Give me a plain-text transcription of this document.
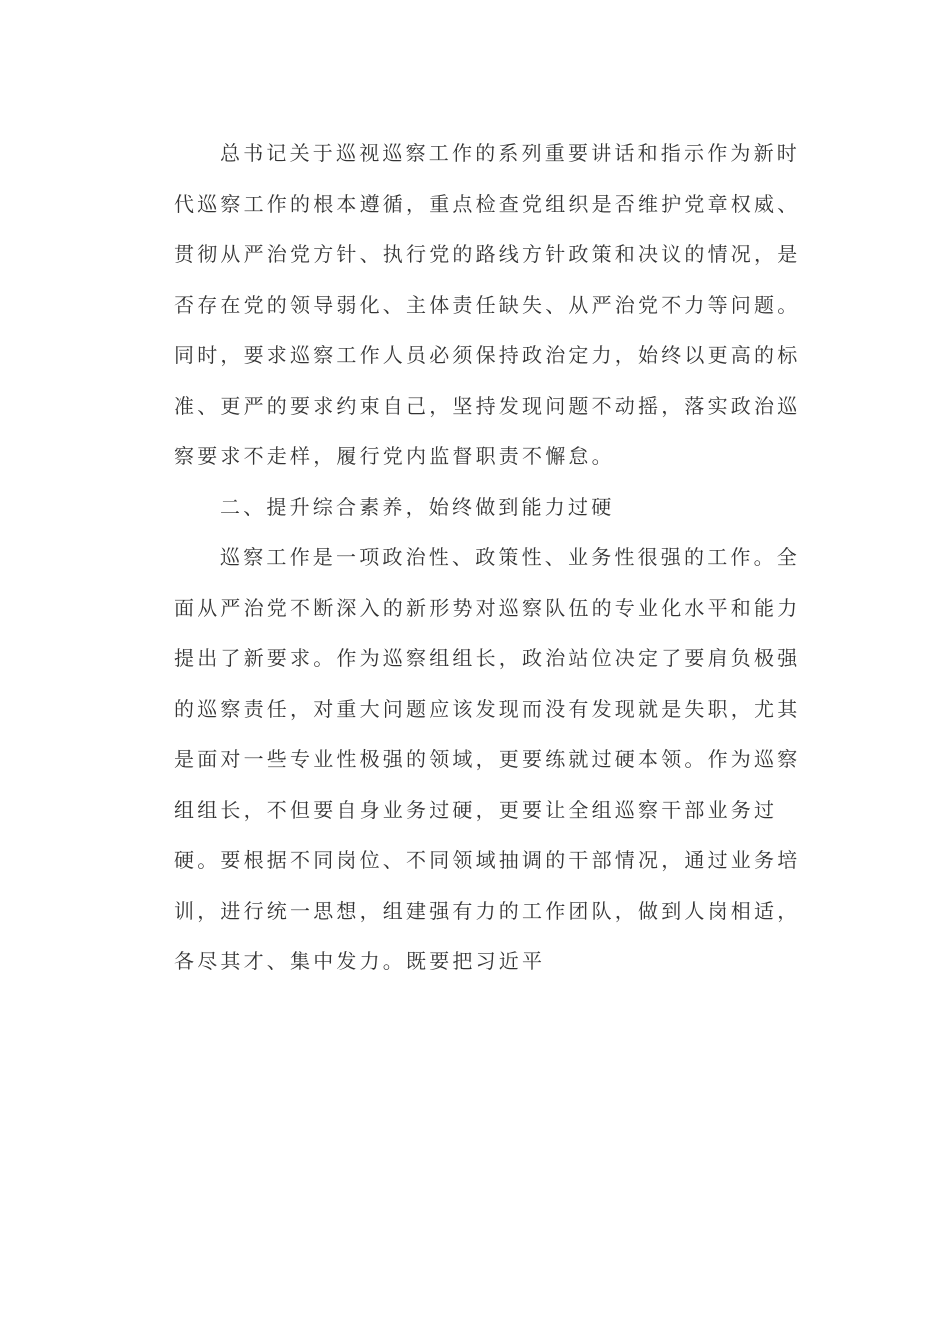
总书记关于巡视巡察工作的系列重要讲话和指示作为新时
代巡察工作的根本遵循，重点检查党组织是否维护党章权威、
贯彻从严治党方针、执行党的路线方针政策和决议的情况，是
否存在党的领导弱化、主体责任缺失、从严治党不力等问题。
同时，要求巡察工作人员必须保持政治定力，始终以更高的标
准、更严的要求约束自己，坚持发现问题不动摇，落实政治巡
察要求不走样，履行党内监督职责不懈怠。
二、提升综合素养，始终做到能力过硬
巡察工作是一项政治性、政策性、业务性很强的工作。全
面从严治党不断深入的新形势对巡察队伍的专业化水平和能力
提出了新要求。作为巡察组组长，政治站位决定了要肩负极强
的巡察责任，对重大问题应该发现而没有发现就是失职，尤其
是面对一些专业性极强的领域，更要练就过硬本领。作为巡察
组组长，不但要自身业务过硬，更要让全组巡察干部业务过
硬。要根据不同岗位、不同领域抽调的干部情况，通过业务培
训，进行统一思想，组建强有力的工作团队，做到人岗相适，
各尽其才、集中发力。既要把习近平
